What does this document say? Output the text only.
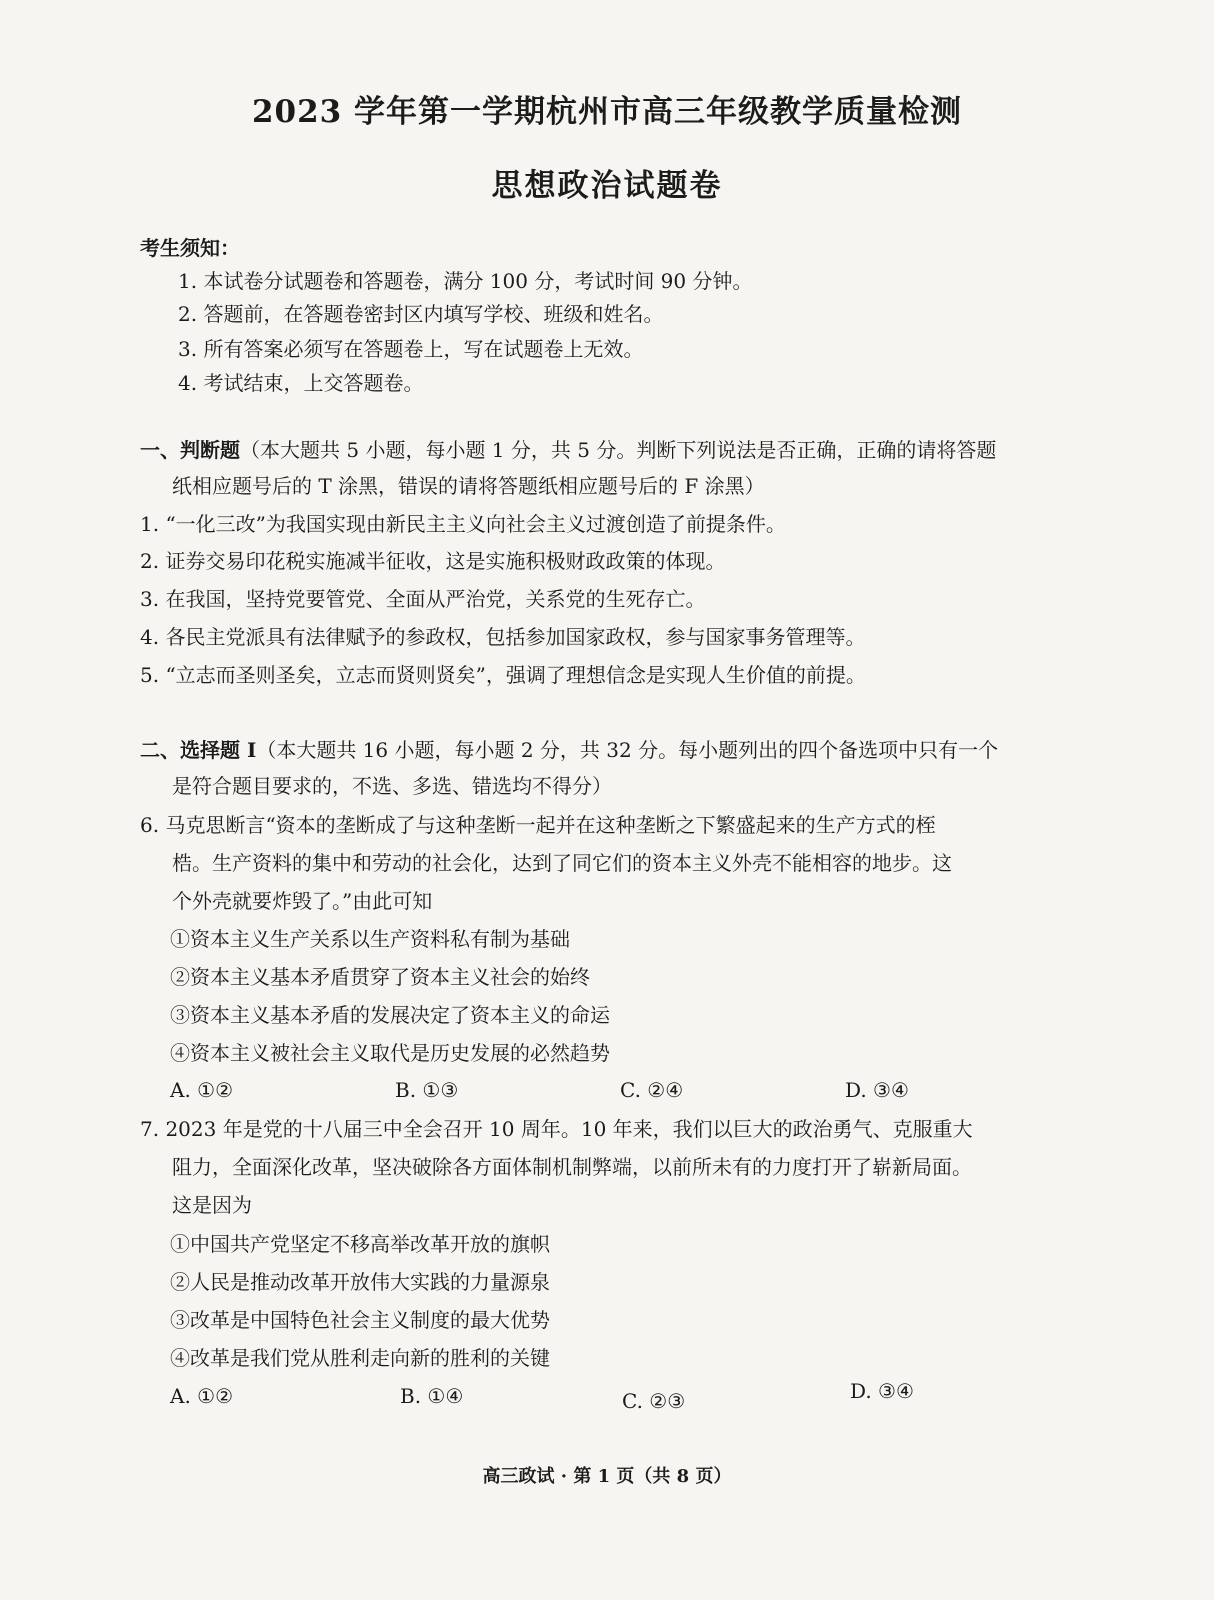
2023 学年第一学期杭州市高三年级教学质量检测
思想政治试题卷
考生须知：
1. 本试卷分试题卷和答题卷，满分 100 分，考试时间 90 分钟。
2. 答题前，在答题卷密封区内填写学校、班级和姓名。
3. 所有答案必须写在答题卷上，写在试题卷上无效。
4. 考试结束，上交答题卷。
一、判断题（本大题共 5 小题，每小题 1 分，共 5 分。判断下列说法是否正确，正确的请将答题
纸相应题号后的 T 涂黑，错误的请将答题纸相应题号后的 F 涂黑）
1. “一化三改”为我国实现由新民主主义向社会主义过渡创造了前提条件。
2. 证券交易印花税实施减半征收，这是实施积极财政政策的体现。
3. 在我国，坚持党要管党、全面从严治党，关系党的生死存亡。
4. 各民主党派具有法律赋予的参政权，包括参加国家政权，参与国家事务管理等。
5. “立志而圣则圣矣，立志而贤则贤矣”，强调了理想信念是实现人生价值的前提。
二、选择题 Ⅰ（本大题共 16 小题，每小题 2 分，共 32 分。每小题列出的四个备选项中只有一个
是符合题目要求的，不选、多选、错选均不得分）
6. 马克思断言“资本的垄断成了与这种垄断一起并在这种垄断之下繁盛起来的生产方式的桎
梏。生产资料的集中和劳动的社会化，达到了同它们的资本主义外壳不能相容的地步。这
个外壳就要炸毁了。”由此可知
①资本主义生产关系以生产资料私有制为基础
②资本主义基本矛盾贯穿了资本主义社会的始终
③资本主义基本矛盾的发展决定了资本主义的命运
④资本主义被社会主义取代是历史发展的必然趋势
A. ①②	B. ①③	C. ②④	D. ③④
7. 2023 年是党的十八届三中全会召开 10 周年。10 年来，我们以巨大的政治勇气、克服重大
阻力，全面深化改革，坚决破除各方面体制机制弊端，以前所未有的力度打开了崭新局面。
这是因为
①中国共产党坚定不移高举改革开放的旗帜
②人民是推动改革开放伟大实践的力量源泉
③改革是中国特色社会主义制度的最大优势
④改革是我们党从胜利走向新的胜利的关键
A. ①②	B. ①④	C. ②③	D. ③④
高三政试 · 第 1 页（共 8 页）
